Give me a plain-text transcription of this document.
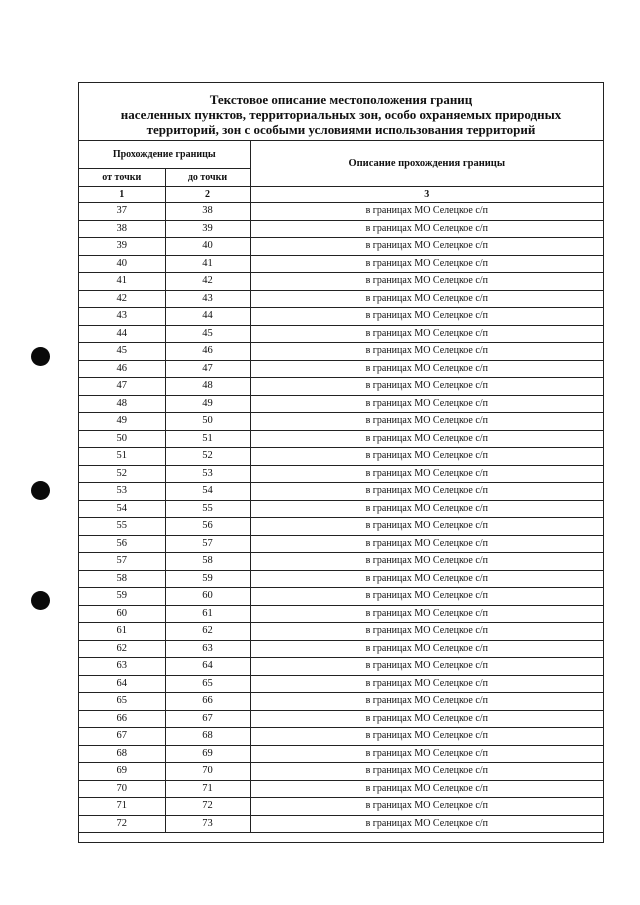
Текстовое описание местоположения границ
населенных пунктов, территориальных зон, особо охраняемых природных
территорий, зон с особыми условиями использования территорий
Прохождение границы		Описание прохождения границы
от точки	до точки	
1	2	3
37	38	в границах МО Селецкое с/п
38	39	в границах МО Селецкое с/п
39	40	в границах МО Селецкое с/п
40	41	в границах МО Селецкое с/п
41	42	в границах МО Селецкое с/п
42	43	в границах МО Селецкое с/п
43	44	в границах МО Селецкое с/п
44	45	в границах МО Селецкое с/п
45	46	в границах МО Селецкое с/п
46	47	в границах МО Селецкое с/п
47	48	в границах МО Селецкое с/п
48	49	в границах МО Селецкое с/п
49	50	в границах МО Селецкое с/п
50	51	в границах МО Селецкое с/п
51	52	в границах МО Селецкое с/п
52	53	в границах МО Селецкое с/п
53	54	в границах МО Селецкое с/п
54	55	в границах МО Селецкое с/п
55	56	в границах МО Селецкое с/п
56	57	в границах МО Селецкое с/п
57	58	в границах МО Селецкое с/п
58	59	в границах МО Селецкое с/п
59	60	в границах МО Селецкое с/п
60	61	в границах МО Селецкое с/п
61	62	в границах МО Селецкое с/п
62	63	в границах МО Селецкое с/п
63	64	в границах МО Селецкое с/п
64	65	в границах МО Селецкое с/п
65	66	в границах МО Селецкое с/п
66	67	в границах МО Селецкое с/п
67	68	в границах МО Селецкое с/п
68	69	в границах МО Селецкое с/п
69	70	в границах МО Селецкое с/п
70	71	в границах МО Селецкое с/п
71	72	в границах МО Селецкое с/п
72	73	в границах МО Селецкое с/п
